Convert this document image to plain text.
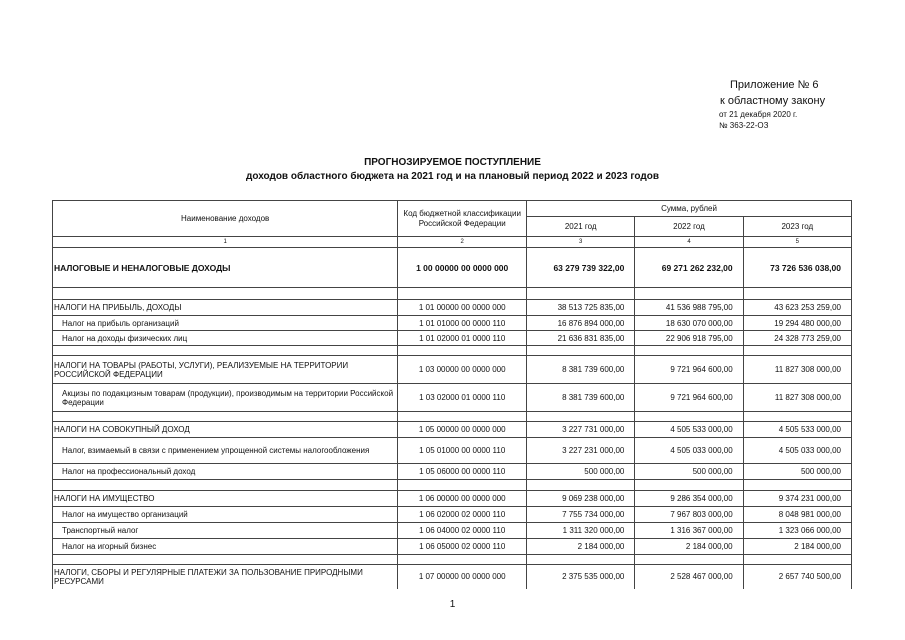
Приложение № 6
к областному закону
от 21 декабря 2020 г.
№ 363-22-ОЗ
ПРОГНОЗИРУЕМОЕ ПОСТУПЛЕНИЕ
доходов областного бюджета на 2021 год и на плановый период 2022 и 2023 годов
Наименование доходов	Код бюджетной классификации Российской Федерации	Сумма, рублей		
		2021 год	2022 год	2023 год
1	2	3	4	5
НАЛОГОВЫЕ И НЕНАЛОГОВЫЕ ДОХОДЫ	1 00 00000 00 0000 000	63 279 739 322,00	69 271 262 232,00	73 726 536 038,00

НАЛОГИ НА ПРИБЫЛЬ, ДОХОДЫ	1 01 00000 00 0000 000	38 513 725 835,00	41 536 988 795,00	43 623 253 259,00
Налог на прибыль организаций	1 01 01000 00 0000 110	16 876 894 000,00	18 630 070 000,00	19 294 480 000,00
Налог на доходы физических лиц	1 01 02000 01 0000 110	21 636 831 835,00	22 906 918 795,00	24 328 773 259,00

НАЛОГИ НА ТОВАРЫ (РАБОТЫ, УСЛУГИ), РЕАЛИЗУЕМЫЕ НА ТЕРРИТОРИИ РОССИЙСКОЙ ФЕДЕРАЦИИ	1 03 00000 00 0000 000	8 381 739 600,00	9 721 964 600,00	11 827 308 000,00
Акцизы по подакцизным товарам (продукции), производимым на территории Российской Федерации	1 03 02000 01 0000 110	8 381 739 600,00	9 721 964 600,00	11 827 308 000,00

НАЛОГИ НА СОВОКУПНЫЙ ДОХОД	1 05 00000 00 0000 000	3 227 731 000,00	4 505 533 000,00	4 505 533 000,00
Налог, взимаемый в связи с применением упрощенной системы налогообложения	1 05 01000 00 0000 110	3 227 231 000,00	4 505 033 000,00	4 505 033 000,00
Налог на профессиональный доход	1 05 06000 00 0000 110	500 000,00	500 000,00	500 000,00

НАЛОГИ НА ИМУЩЕСТВО	1 06 00000 00 0000 000	9 069 238 000,00	9 286 354 000,00	9 374 231 000,00
Налог на имущество организаций	1 06 02000 02 0000 110	7 755 734 000,00	7 967 803 000,00	8 048 981 000,00
Транспортный налог	1 06 04000 02 0000 110	1 311 320 000,00	1 316 367 000,00	1 323 066 000,00
Налог на игорный бизнес	1 06 05000 02 0000 110	2 184 000,00	2 184 000,00	2 184 000,00

НАЛОГИ, СБОРЫ И РЕГУЛЯРНЫЕ ПЛАТЕЖИ ЗА ПОЛЬЗОВАНИЕ ПРИРОДНЫМИ РЕСУРСАМИ	1 07 00000 00 0000 000	2 375 535 000,00	2 528 467 000,00	2 657 740 500,00
1
